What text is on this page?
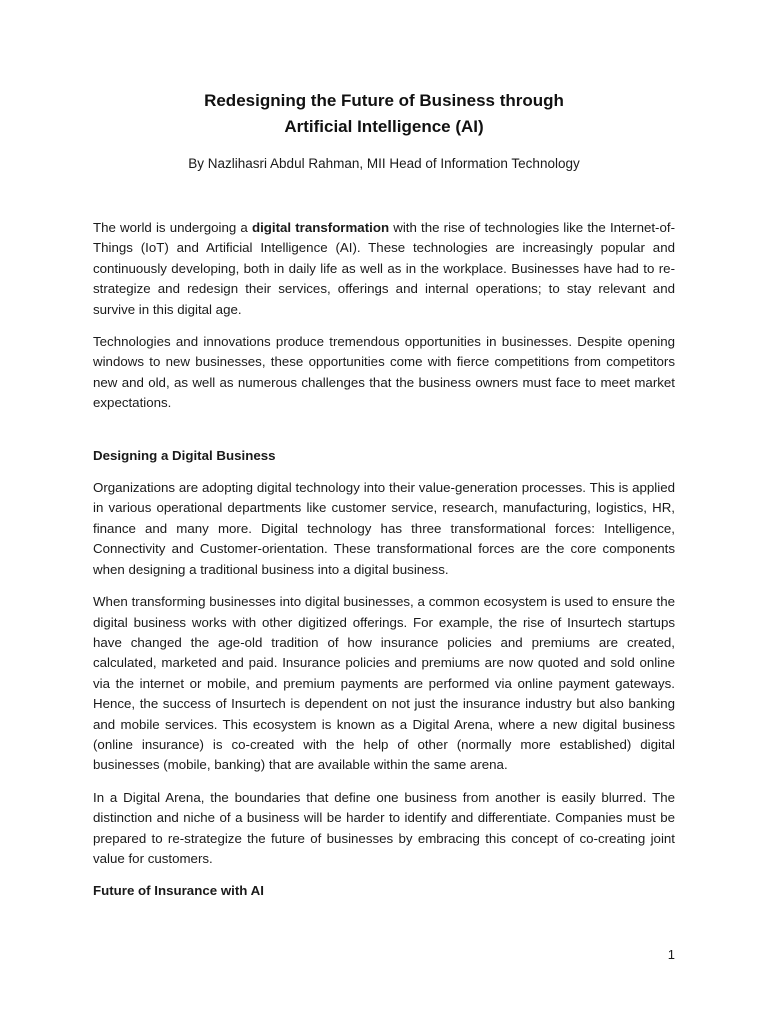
Redesigning the Future of Business through
Artificial Intelligence (AI)
By Nazlihasri Abdul Rahman, MII Head of Information Technology

The world is undergoing a digital transformation with the rise of technologies like the Internet-of-Things (IoT) and Artificial Intelligence (AI). These technologies are increasingly popular and continuously developing, both in daily life as well as in the workplace. Businesses have had to re-strategize and redesign their services, offerings and internal operations; to stay relevant and survive in this digital age.

Technologies and innovations produce tremendous opportunities in businesses. Despite opening windows to new businesses, these opportunities come with fierce competitions from competitors new and old, as well as numerous challenges that the business owners must face to meet market expectations.

Designing a Digital Business

Organizations are adopting digital technology into their value-generation processes. This is applied in various operational departments like customer service, research, manufacturing, logistics, HR, finance and many more. Digital technology has three transformational forces: Intelligence, Connectivity and Customer-orientation. These transformational forces are the core components when designing a traditional business into a digital business.

When transforming businesses into digital businesses, a common ecosystem is used to ensure the digital business works with other digitized offerings. For example, the rise of Insurtech startups have changed the age-old tradition of how insurance policies and premiums are created, calculated, marketed and paid. Insurance policies and premiums are now quoted and sold online via the internet or mobile, and premium payments are performed via online payment gateways. Hence, the success of Insurtech is dependent on not just the insurance industry but also banking and mobile services. This ecosystem is known as a Digital Arena, where a new digital business (online insurance) is co-created with the help of other (normally more established) digital businesses (mobile, banking) that are available within the same arena.

In a Digital Arena, the boundaries that define one business from another is easily blurred. The distinction and niche of a business will be harder to identify and differentiate. Companies must be prepared to re-strategize the future of businesses by embracing this concept of co-creating joint value for customers.

Future of Insurance with AI
1
